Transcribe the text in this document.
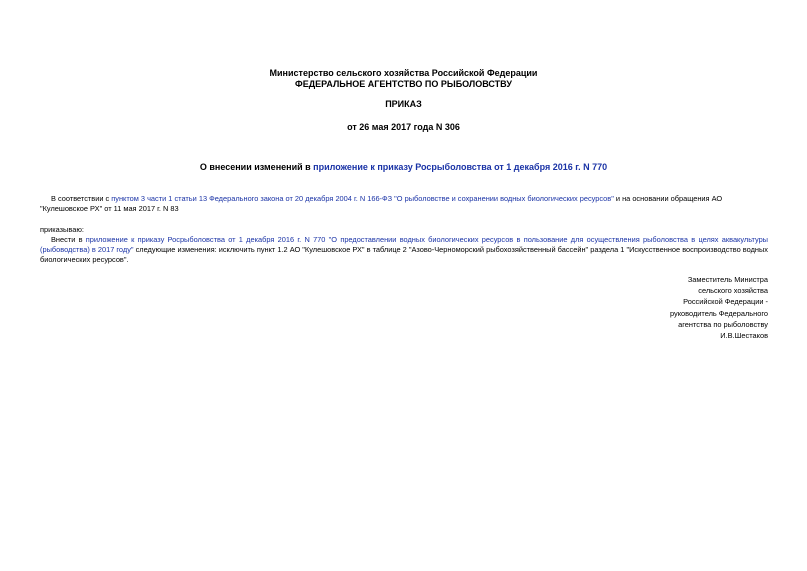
Министерство сельского хозяйства Российской Федерации
ФЕДЕРАЛЬНОЕ АГЕНТСТВО ПО РЫБОЛОВСТВУ
ПРИКАЗ
от 26 мая 2017 года N 306
О внесении изменений в приложение к приказу Росрыболовства от 1 декабря 2016 г. N 770
В соответствии с пунктом 3 части 1 статьи 13 Федерального закона от 20 декабря 2004 г. N 166-ФЗ "О рыболовстве и сохранении водных биологических ресурсов" и на основании обращения АО "Кулешовское РХ" от 11 мая 2017 г. N 83
приказываю:
Внести в приложение к приказу Росрыболовства от 1 декабря 2016 г. N 770 "О предоставлении водных биологических ресурсов в пользование для осуществления рыболовства в целях аквакультуры (рыбоводства) в 2017 году" следующие изменения: исключить пункт 1.2 АО "Кулешовское РХ" в таблице 2 "Азово-Черноморский рыбохозяйственный бассейн" раздела 1 "Искусственное воспроизводство водных биологических ресурсов".
Заместитель Министра
сельского хозяйства
Российской Федерации -
руководитель Федерального
агентства по рыболовству
И.В.Шестаков
